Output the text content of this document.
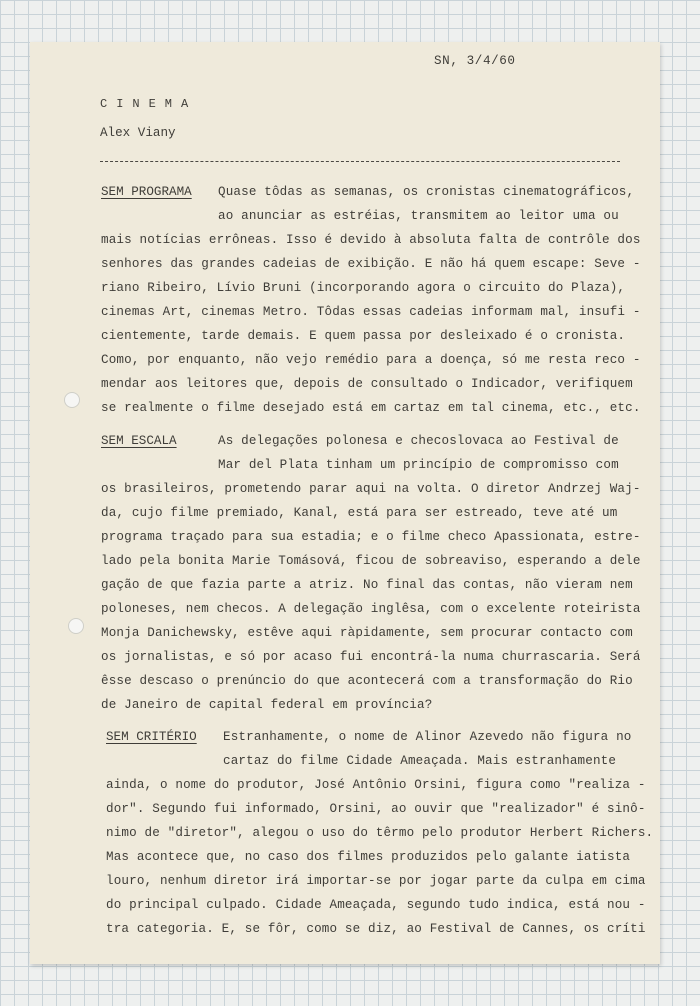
SN, 3/4/60
CINEMA
Alex Viany
SEM PROGRAMA Quase tôdas as semanas, os cronistas cinematográficos,
ao anunciar as estréias, transmitem ao leitor uma ou
mais notícias errôneas. Isso é devido à absoluta falta de contrôle dos
senhores das grandes cadeias de exibição. E não há quem escape: Seve -
riano Ribeiro, Lívio Bruni (incorporando agora o circuito do Plaza),
cinemas Art, cinemas Metro. Tôdas essas cadeias informam mal, insufi -
cientemente, tarde demais. E quem passa por desleixado é o cronista.
Como, por enquanto, não vejo remédio para a doença, só me resta reco -
mendar aos leitores que, depois de consultado o Indicador, verifiquem
se realmente o filme desejado está em cartaz em tal cinema, etc., etc.
SEM ESCALA	As delegações polonesa e checoslovaca ao Festival de
Mar del Plata tinham um princípio de compromisso com
os brasileiros, prometendo parar aqui na volta. O diretor Andrzej Waj-
da, cujo filme premiado, Kanal, está para ser estreado, teve até um
programa traçado para sua estadia; e o filme checo Apassionata, estre-
lado pela bonita Marie Tomásová, ficou de sobreaviso, esperando a dele
gação de que fazia parte a atriz. No final das contas, não vieram nem
poloneses, nem checos. A delegação inglêsa, com o excelente roteirista
Monja Danichewsky, estêve aqui ràpidamente, sem procurar contacto com
os jornalistas, e só por acaso fui encontrá-la numa churrascaria. Será
êsse descaso o prenúncio do que acontecerá com a transformação do Rio
de Janeiro de capital federal em província?
SEM CRITÉRIO Estranhamente, o nome de Alinor Azevedo não figura no
cartaz do filme Cidade Ameaçada. Mais estranhamente
ainda, o nome do produtor, José Antônio Orsini, figura como "realiza -
dor". Segundo fui informado, Orsini, ao ouvir que "realizador" é sinô-
nimo de "diretor", alegou o uso do têrmo pelo produtor Herbert Richers.
Mas acontece que, no caso dos filmes produzidos pelo galante iatista
louro, nenhum diretor irá importar-se por jogar parte da culpa em cima
do principal culpado. Cidade Ameaçada, segundo tudo indica, está nou -
tra categoria. E, se fôr, como se diz, ao Festival de Cannes, os críti
